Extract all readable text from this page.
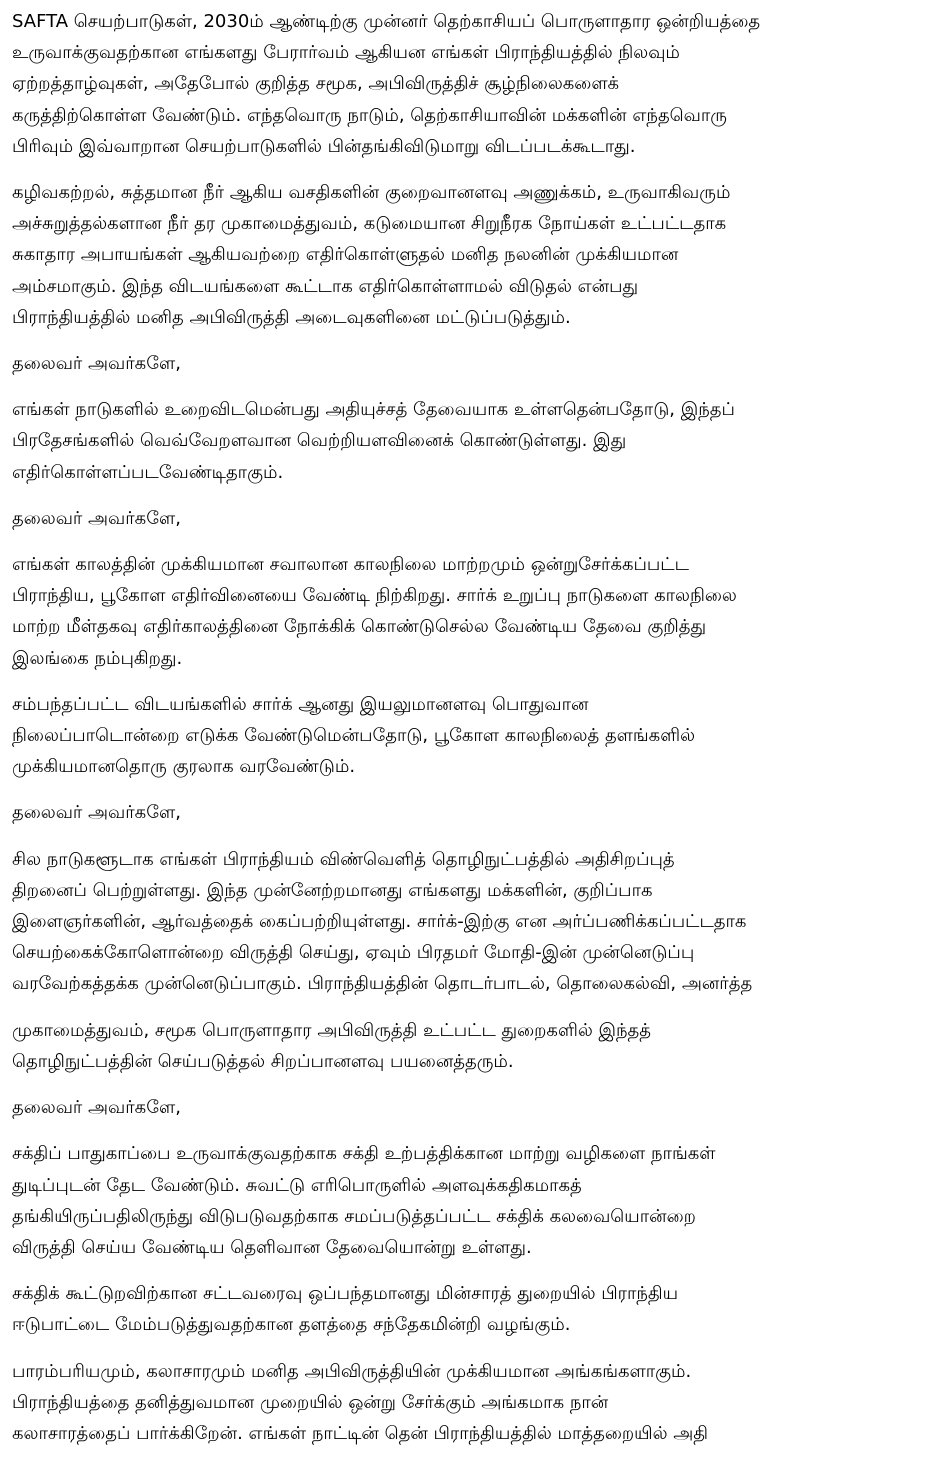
SAFTA செயற்பாடுகள், 2030ம் ஆண்டிற்கு முன்னர் தெற்காசியப் பொருளாதார ஒன்றியத்தை
உருவாக்குவதற்கான எங்களது பேரார்வம் ஆகியன எங்கள் பிராந்தியத்தில் நிலவும்
ஏற்றத்தாழ்வுகள், அதேபோல் குறித்த சமூக, அபிவிருத்திச் சூழ்நிலைகளைக்
கருத்திற்கொள்ள வேண்டும். எந்தவொரு நாடும், தெற்காசியாவின் மக்களின் எந்தவொரு
பிரிவும் இவ்வாறான செயற்பாடுகளில் பின்தங்கிவிடுமாறு விடப்படக்கூடாது.
கழிவகற்றல், சுத்தமான நீர் ஆகிய வசதிகளின் குறைவானளவு அணுக்கம், உருவாகிவரும்
அச்சுறுத்தல்களான நீர் தர முகாமைத்துவம், கடுமையான சிறுநீரக நோய்கள் உட்பட்டதாக
சுகாதார அபாயங்கள் ஆகியவற்றை எதிர்கொள்ளுதல் மனித நலனின் முக்கியமான
அம்சமாகும். இந்த விடயங்களை கூட்டாக எதிர்கொள்ளாமல் விடுதல் என்பது
பிராந்தியத்தில் மனித அபிவிருத்தி அடைவுகளினை மட்டுப்படுத்தும்.
தலைவர் அவர்களே,
எங்கள் நாடுகளில் உறைவிடமென்பது அதியுச்சத் தேவையாக உள்ளதென்பதோடு, இந்தப்
பிரதேசங்களில் வெவ்வேறளவான வெற்றியளவினைக் கொண்டுள்ளது. இது
எதிர்கொள்ளப்படவேண்டிதாகும்.
தலைவர் அவர்களே,
எங்கள் காலத்தின் முக்கியமான சவாலான காலநிலை மாற்றமும் ஒன்றுசேர்க்கப்பட்ட
பிராந்திய, பூகோள எதிர்வினையை வேண்டி நிற்கிறது. சார்க் உறுப்பு நாடுகளை காலநிலை
மாற்ற மீள்தகவு எதிர்காலத்தினை நோக்கிக் கொண்டுசெல்ல வேண்டிய தேவை குறித்து
இலங்கை நம்புகிறது.
சம்பந்தப்பட்ட விடயங்களில் சார்க் ஆனது இயலுமானளவு பொதுவான
நிலைப்பாடொன்றை எடுக்க வேண்டுமென்பதோடு, பூகோள காலநிலைத் தளங்களில்
முக்கியமானதொரு குரலாக வரவேண்டும்.
தலைவர் அவர்களே,
சில நாடுகளூடாக எங்கள் பிராந்தியம் விண்வெளித் தொழிநுட்பத்தில் அதிசிறப்புத்
திறனைப் பெற்றுள்ளது. இந்த முன்னேற்றமானது எங்களது மக்களின், குறிப்பாக
இளைஞர்களின், ஆர்வத்தைக் கைப்பற்றியுள்ளது. சார்க்-இற்கு என அர்ப்பணிக்கப்பட்டதாக
செயற்கைக்கோளொன்றை விருத்தி செய்து, ஏவும் பிரதமர் மோதி-இன் முன்னெடுப்பு
வரவேற்கத்தக்க முன்னெடுப்பாகும். பிராந்தியத்தின் தொடர்பாடல், தொலைகல்வி, அனர்த்த
முகாமைத்துவம், சமூக பொருளாதார அபிவிருத்தி உட்பட்ட துறைகளில் இந்தத்
தொழிநுட்பத்தின் செய்படுத்தல் சிறப்பானளவு பயனைத்தரும்.
தலைவர் அவர்களே,
சக்திப் பாதுகாப்பை உருவாக்குவதற்காக சக்தி உற்பத்திக்கான மாற்று வழிகளை நாங்கள்
துடிப்புடன் தேட வேண்டும். சுவட்டு எரிபொருளில் அளவுக்கதிகமாகத்
தங்கியிருப்பதிலிருந்து விடுபடுவதற்காக சமப்படுத்தப்பட்ட சக்திக் கலவையொன்றை
விருத்தி செய்ய வேண்டிய தெளிவான தேவையொன்று உள்ளது.
சக்திக் கூட்டுறவிற்கான சட்டவரைவு ஒப்பந்தமானது மின்சாரத் துறையில் பிராந்திய
ஈடுபாட்டை மேம்படுத்துவதற்கான தளத்தை சந்தேகமின்றி வழங்கும்.
பாரம்பரியமும், கலாசாரமும் மனித அபிவிருத்தியின் முக்கியமான அங்கங்களாகும்.
பிராந்தியத்தை தனித்துவமான முறையில் ஒன்று சேர்க்கும் அங்கமாக நான்
கலாசாரத்தைப் பார்க்கிறேன். எங்கள் நாட்டின் தென் பிராந்தியத்தில் மாத்தறையில் அதி
